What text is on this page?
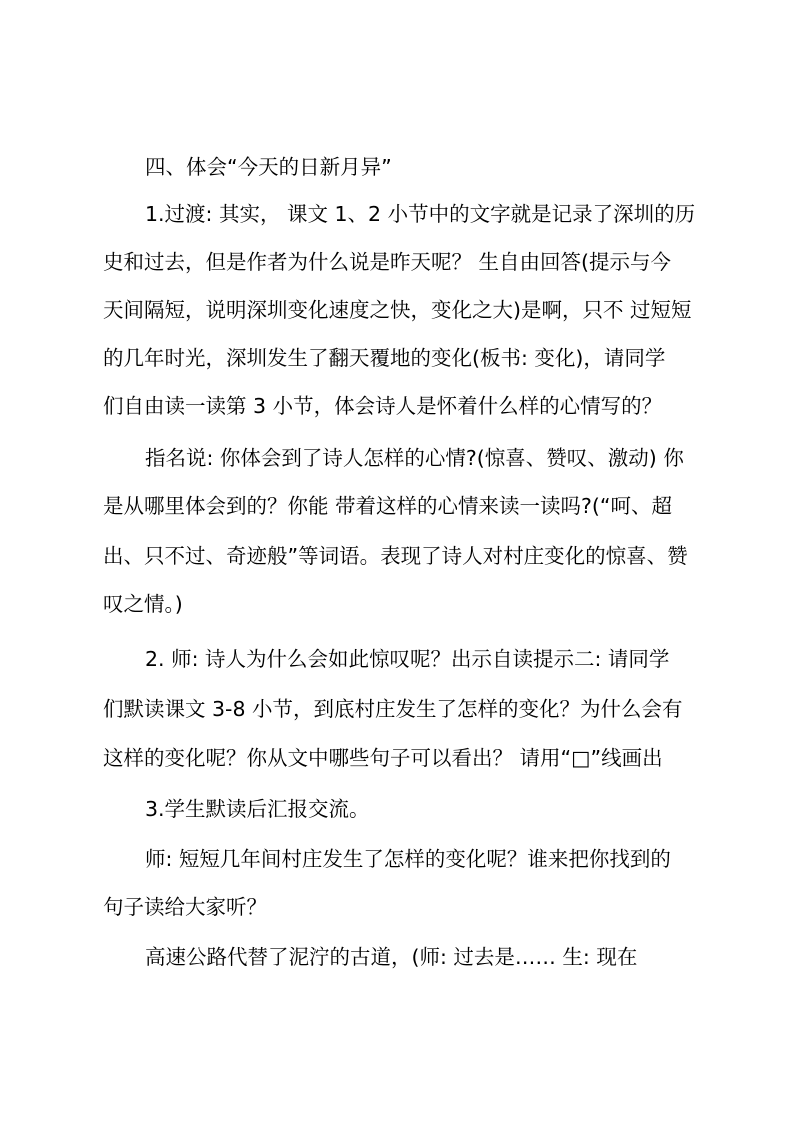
四、体会“今天的日新月异”
1.过渡: 其实， 课文 1、2 小节中的文字就是记录了深圳的历
史和过去，但是作者为什么说是昨天呢？ 生自由回答(提示与今
天间隔短，说明深圳变化速度之快，变化之大)是啊，只不 过短短
的几年时光，深圳发生了翻天覆地的变化(板书: 变化)，请同学
们自由读一读第 3 小节，体会诗人是怀着什么样的心情写的？
指名说: 你体会到了诗人怎样的心情?(惊喜、赞叹、激动) 你
是从哪里体会到的？你能 带着这样的心情来读一读吗?(“呵、超
出、只不过、奇迹般”等词语。表现了诗人对村庄变化的惊喜、赞
叹之情。)
2. 师: 诗人为什么会如此惊叹呢？出示自读提示二: 请同学
们默读课文 3-8 小节，到底村庄发生了怎样的变化？为什么会有
这样的变化呢？你从文中哪些句子可以看出？ 请用“□”线画出
3.学生默读后汇报交流。
师: 短短几年间村庄发生了怎样的变化呢？谁来把你找到的
句子读给大家听？
高速公路代替了泥泞的古道，(师: 过去是…… 生: 现在
